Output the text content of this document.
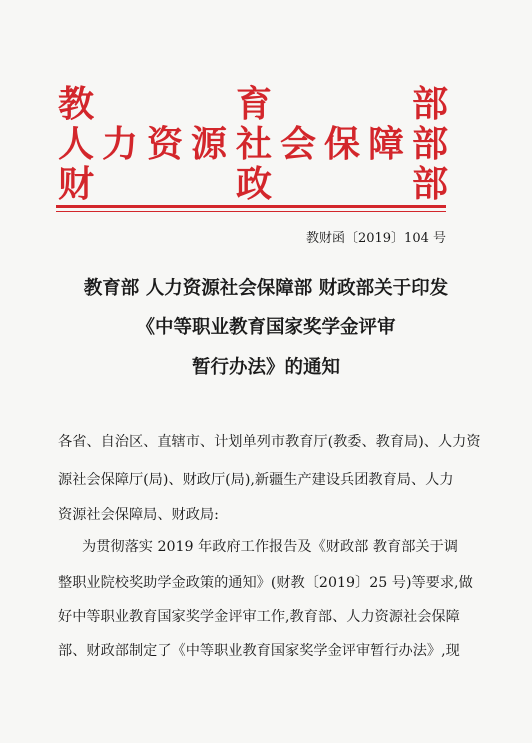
教	育	部
人 力 资 源 社 会 保 障 部
财	政	部
教财函〔2019〕104 号
教育部 人力资源社会保障部 财政部关于印发
《中等职业教育国家奖学金评审
暂行办法》的通知
各省、自治区、直辖市、计划单列市教育厅(教委、教育局)、人力资
源社会保障厅(局)、财政厅(局),新疆生产建设兵团教育局、人力
资源社会保障局、财政局:
为贯彻落实 2019 年政府工作报告及《财政部 教育部关于调
整职业院校奖助学金政策的通知》(财教〔2019〕25 号)等要求,做
好中等职业教育国家奖学金评审工作,教育部、人力资源社会保障
部、财政部制定了《中等职业教育国家奖学金评审暂行办法》,现
